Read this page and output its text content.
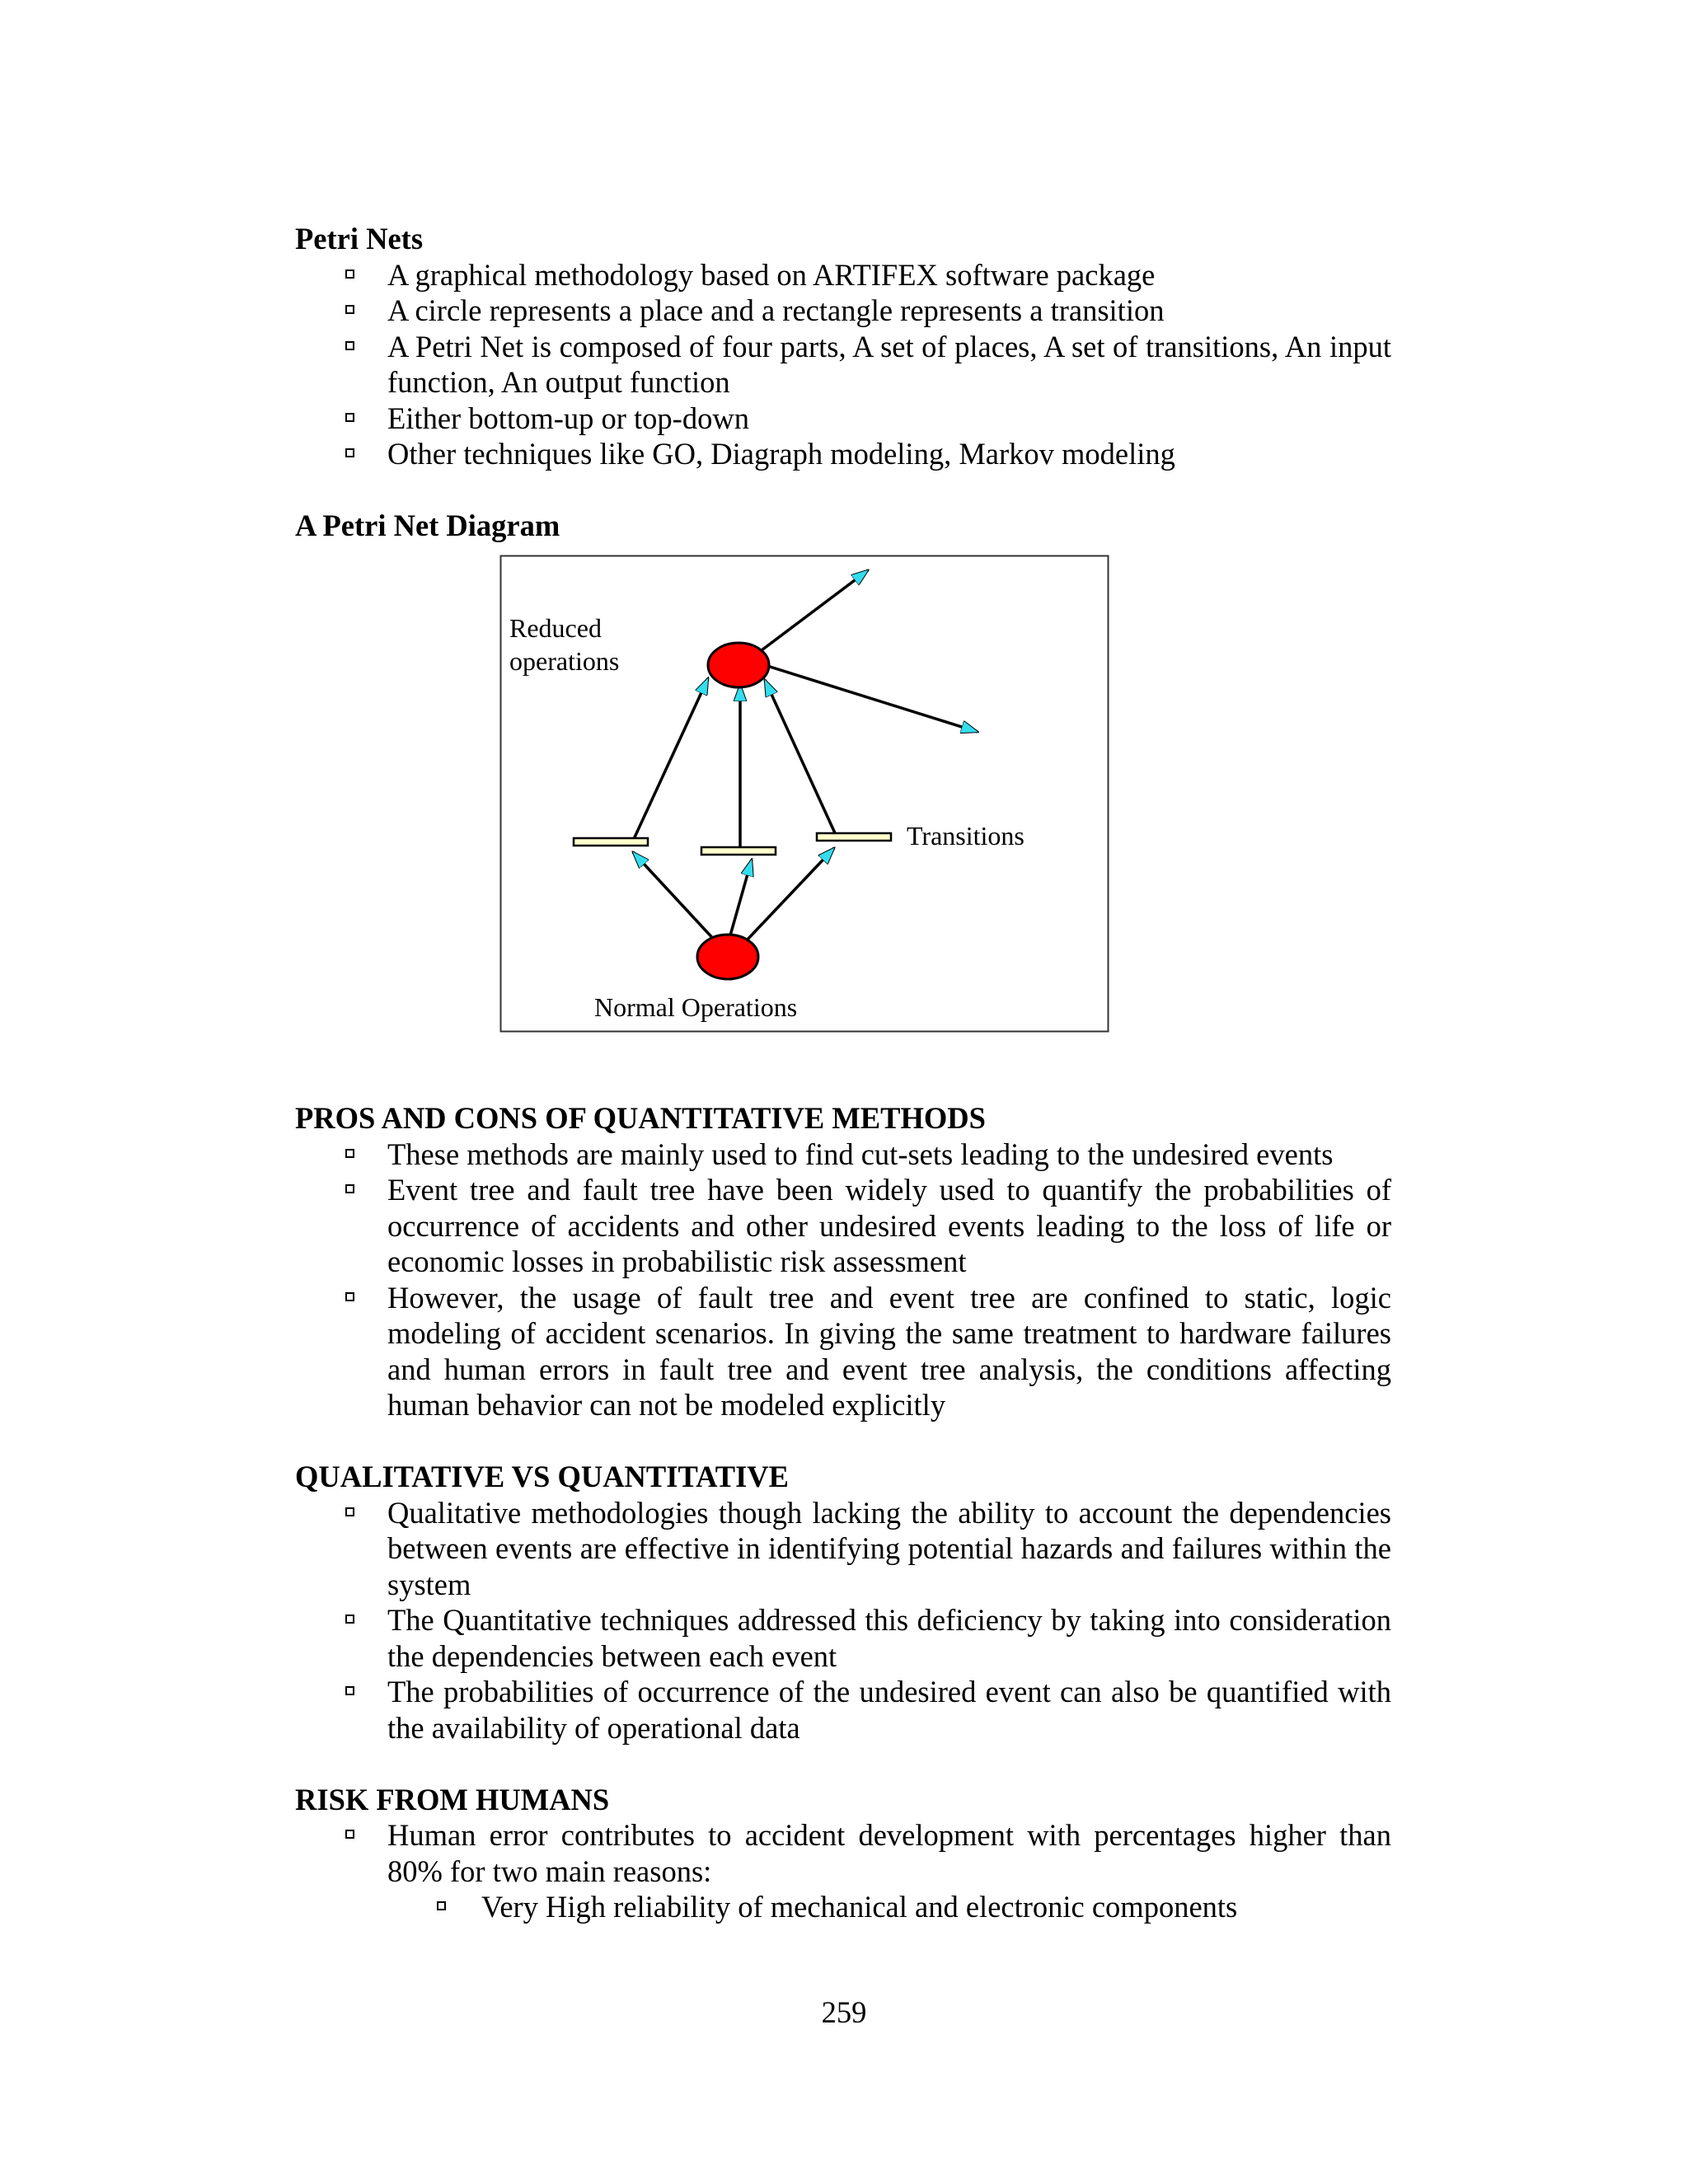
Petri Nets
A graphical methodology based on ARTIFEX software package
A circle represents a place and a rectangle represents a transition
A Petri Net is composed of four parts, A set of places, A set of transitions, An input function, An output function
Either bottom-up or top-down
Other techniques like GO, Diagraph modeling, Markov modeling
A Petri Net Diagram
Reduced
operations
Transitions
Normal Operations
PROS AND CONS OF QUANTITATIVE METHODS
These methods are mainly used to find cut-sets leading to the undesired events
Event tree and fault tree have been widely used to quantify the probabilities of occurrence of accidents and other undesired events leading to the loss of life or economic losses in probabilistic risk assessment
However, the usage of fault tree and event tree are confined to static, logic modeling of accident scenarios. In giving the same treatment to hardware failures and human errors in fault tree and event tree analysis, the conditions affecting human behavior can not be modeled explicitly
QUALITATIVE VS QUANTITATIVE
Qualitative methodologies though lacking the ability to account the dependencies between events are effective in identifying potential hazards and failures within the system
The Quantitative techniques addressed this deficiency by taking into consideration the dependencies between each event
The probabilities of occurrence of the undesired event can also be quantified with the availability of operational data
RISK FROM HUMANS
Human error contributes to accident development with percentages higher than 80% for two main reasons:
Very High reliability of mechanical and electronic components
259
